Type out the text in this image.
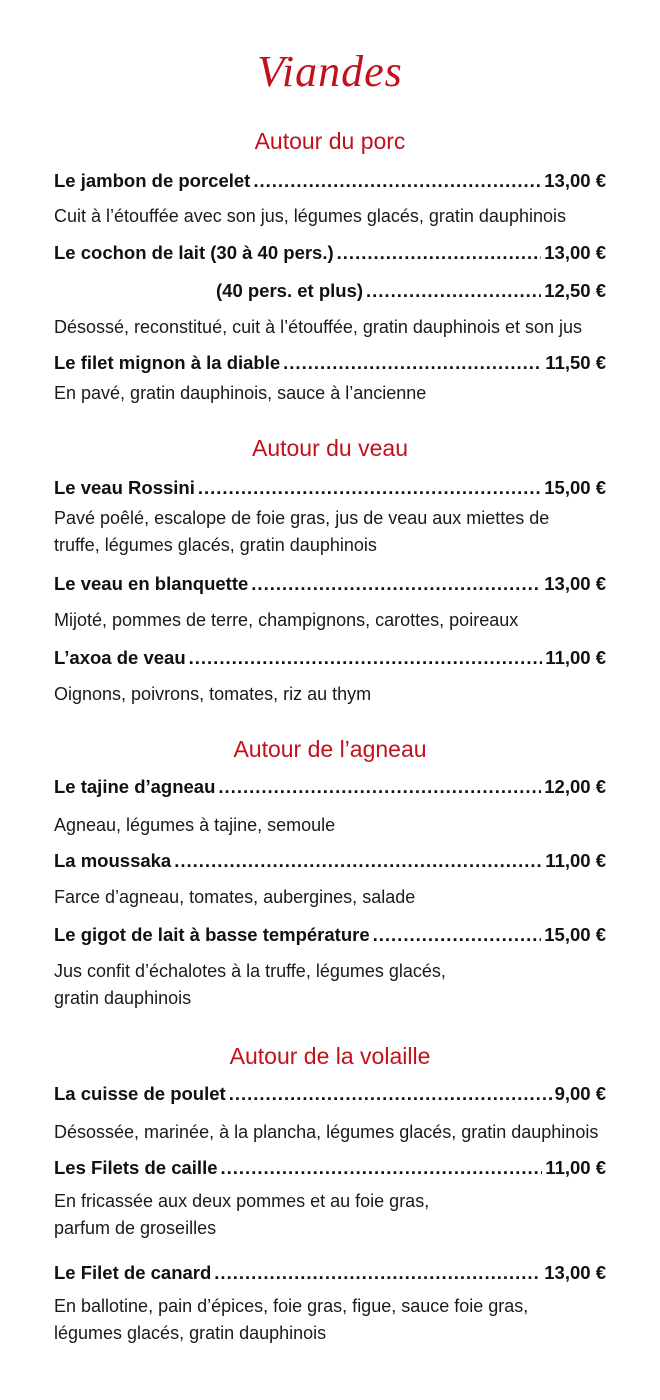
Viandes
Autour du porc
Le jambon de porcelet .....	13,00 €
Cuit à l’étouffée avec son jus, légumes glacés, gratin dauphinois
Le cochon de lait (30 à 40 pers.) .....	13,00 €
(40 pers. et plus) .....	12,50 €
Désossé, reconstitué, cuit à l’étouffée, gratin dauphinois et son jus
Le filet mignon à la diable .....	11,50 €
En pavé, gratin dauphinois, sauce à l’ancienne
Autour du veau
Le veau Rossini .....	15,00 €
Pavé poêlé, escalope de foie gras, jus de veau aux miettes de
truffe, légumes glacés, gratin dauphinois
Le veau en blanquette .....	13,00 €
Mijoté, pommes de terre, champignons, carottes, poireaux
L’axoa de veau .....	11,00 €
Oignons, poivrons, tomates, riz au thym
Autour de l’agneau
Le tajine d’agneau .....	12,00 €
Agneau, légumes à tajine, semoule
La moussaka .....	11,00 €
Farce d’agneau, tomates, aubergines, salade
Le gigot de lait à basse température .....	15,00 €
Jus confit d’échalotes à la truffe, légumes glacés,
gratin dauphinois
Autour de la volaille
La cuisse de poulet .....	9,00 €
Désossée, marinée, à la plancha, légumes glacés, gratin dauphinois
Les Filets de caille .....	11,00 €
En fricassée aux deux pommes et au foie gras,
parfum de groseilles
Le Filet de canard .....	13,00 €
En ballotine, pain d’épices, foie gras, figue, sauce foie gras,
légumes glacés, gratin dauphinois
